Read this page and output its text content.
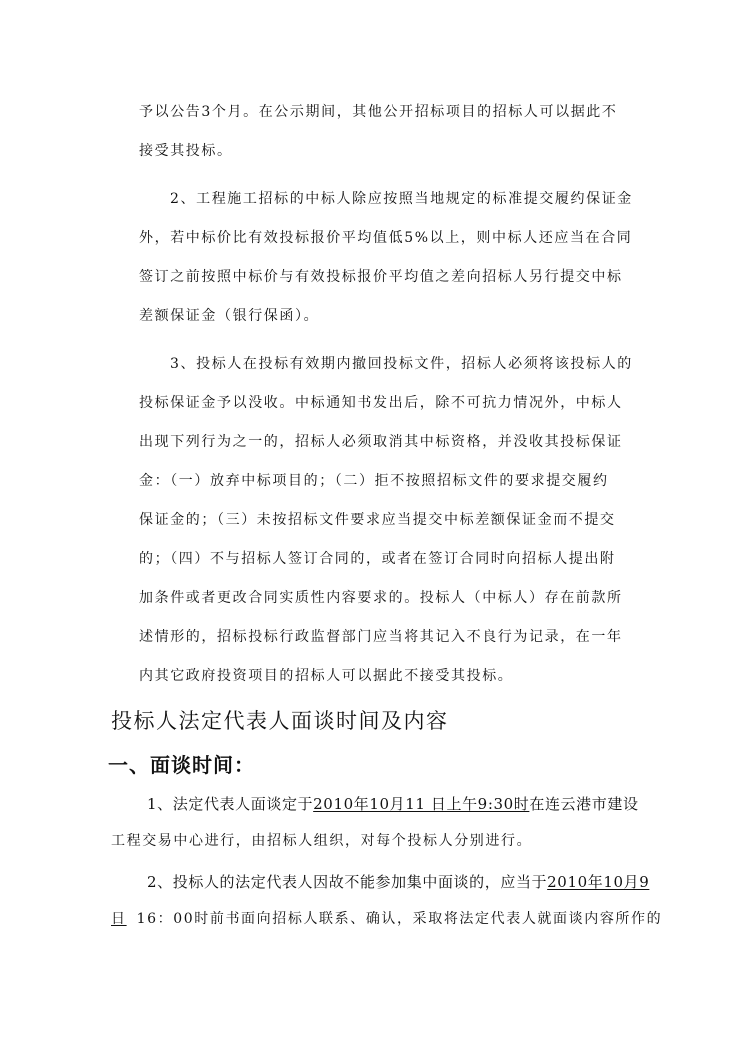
予以公告3个月。在公示期间，其他公开招标项目的招标人可以据此不
接受其投标。
2、工程施工招标的中标人除应按照当地规定的标准提交履约保证金
外，若中标价比有效投标报价平均值低5%以上，则中标人还应当在合同
签订之前按照中标价与有效投标报价平均值之差向招标人另行提交中标
差额保证金（银行保函）。
3、投标人在投标有效期内撤回投标文件，招标人必须将该投标人的
投标保证金予以没收。中标通知书发出后，除不可抗力情况外，中标人
出现下列行为之一的，招标人必须取消其中标资格，并没收其投标保证
金：（一）放弃中标项目的；（二）拒不按照招标文件的要求提交履约
保证金的；（三）未按招标文件要求应当提交中标差额保证金而不提交
的；（四）不与招标人签订合同的，或者在签订合同时向招标人提出附
加条件或者更改合同实质性内容要求的。投标人（中标人）存在前款所
述情形的，招标投标行政监督部门应当将其记入不良行为记录，在一年
内其它政府投资项目的招标人可以据此不接受其投标。
投标人法定代表人面谈时间及内容
一、面谈时间：
1、法定代表人面谈定于2010年10月11 日上午9:30时在连云港市建设
工程交易中心进行，由招标人组织，对每个投标人分别进行。
2、投标人的法定代表人因故不能参加集中面谈的，应当于2010年10月9
日 16：00时前书面向招标人联系、确认，采取将法定代表人就面谈内容所作的
